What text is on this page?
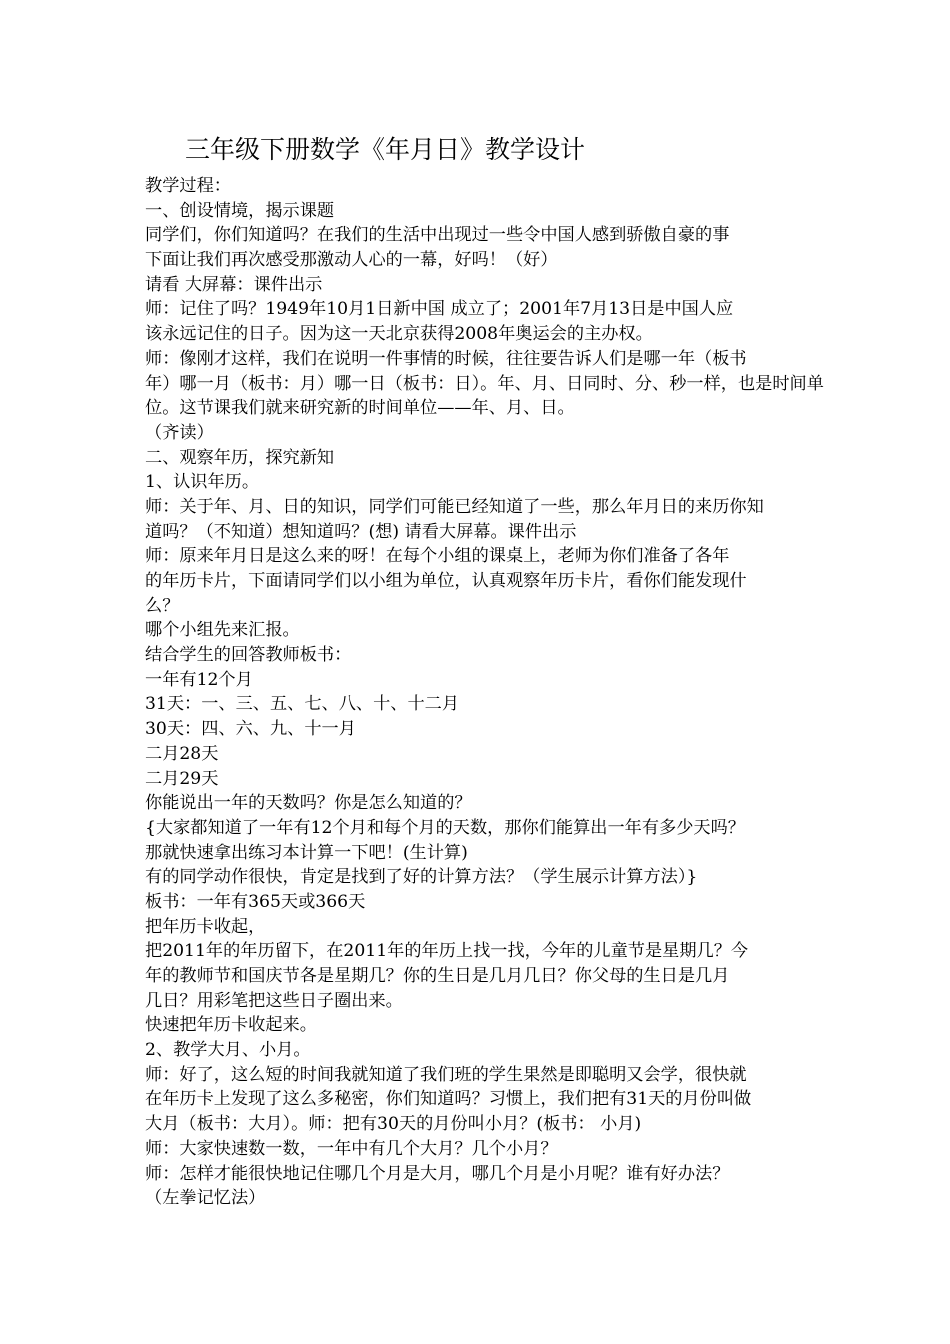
三年级下册数学《年月日》教学设计
教学过程：
一、创设情境，揭示课题
同学们，你们知道吗？在我们的生活中出现过一些令中国人感到骄傲自豪的事
下面让我们再次感受那激动人心的一幕，好吗！（好）
请看 大屏幕：课件出示
师：记住了吗？1949年10月1日新中国 成立了；2001年7月13日是中国人应
该永远记住的日子。因为这一天北京获得2008年奥运会的主办权。
师：像刚才这样，我们在说明一件事情的时候，往往要告诉人们是哪一年（板书
年）哪一月（板书：月）哪一日（板书：日）。年、月、日同时、分、秒一样，也是时间单
位。这节课我们就来研究新的时间单位——年、月、日。
（齐读）
二、观察年历，探究新知
1、认识年历。
师：关于年、月、日的知识，同学们可能已经知道了一些，那么年月日的来历你知
道吗？（不知道）想知道吗？(想) 请看大屏幕。课件出示
师：原来年月日是这么来的呀！在每个小组的课桌上，老师为你们准备了各年
的年历卡片，下面请同学们以小组为单位，认真观察年历卡片，看你们能发现什
么？
哪个小组先来汇报。
结合学生的回答教师板书：
一年有12个月
31天：一、三、五、七、八、十、十二月
30天：四、六、九、十一月
二月28天
二月29天
你能说出一年的天数吗？你是怎么知道的？
{大家都知道了一年有12个月和每个月的天数，那你们能算出一年有多少天吗？
那就快速拿出练习本计算一下吧！(生计算)
有的同学动作很快，肯定是找到了好的计算方法？（学生展示计算方法）}
板书：一年有365天或366天
把年历卡收起，
把2011年的年历留下，在2011年的年历上找一找，今年的儿童节是星期几？今
年的教师节和国庆节各是星期几？你的生日是几月几日？你父母的生日是几月
几日？用彩笔把这些日子圈出来。
快速把年历卡收起来。
2、教学大月、小月。
师：好了，这么短的时间我就知道了我们班的学生果然是即聪明又会学，很快就
在年历卡上发现了这么多秘密，你们知道吗？习惯上，我们把有31天的月份叫做
大月（板书：大月）。师：把有30天的月份叫小月？(板书： 小月)
师：大家快速数一数，一年中有几个大月？几个小月？
师：怎样才能很快地记住哪几个月是大月，哪几个月是小月呢？谁有好办法？
（左拳记忆法）
